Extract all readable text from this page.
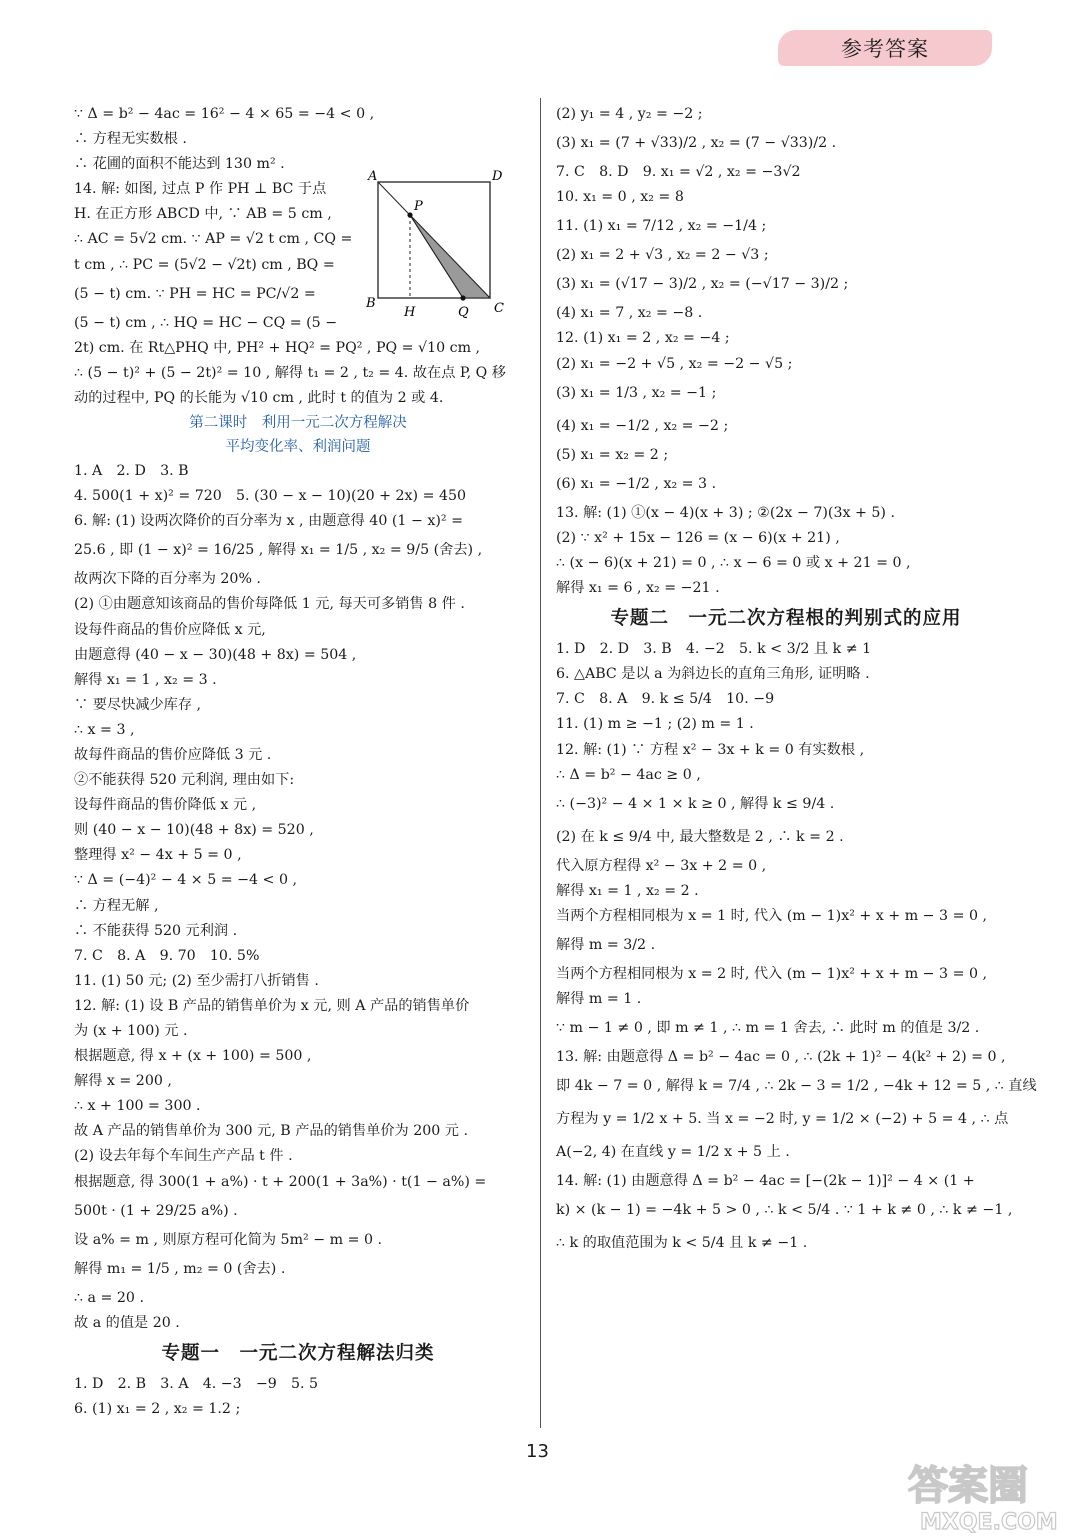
参考答案
∵ Δ = b² − 4ac = 16² − 4 × 65 = −4 < 0 ,
∴ 方程无实数根 .
∴ 花圃的面积不能达到 130 m² .
14. 解: 如图, 过点 P 作 PH ⊥ BC 于点
H. 在正方形 ABCD 中, ∵ AB = 5 cm ,
∴ AC = 5√2 cm. ∵ AP = √2 t cm , CQ =
t cm , ∴ PC = (5√2 − √2t) cm , BQ =
(5 − t) cm. ∵ PH = HC = PC/√2 =
(5 − t) cm , ∴ HQ = HC − CQ = (5 −
2t) cm. 在 Rt△PHQ 中, PH² + HQ² = PQ² , PQ = √10 cm ,
∴ (5 − t)² + (5 − 2t)² = 10 , 解得 t₁ = 2 , t₂ = 4. 故在点 P, Q 移
动的过程中, PQ 的长能为 √10 cm , 此时 t 的值为 2 或 4.
第二课时　利用一元二次方程解决
平均变化率、利润问题
1. A　2. D　3. B
4. 500(1 + x)² = 720　5. (30 − x − 10)(20 + 2x) = 450
6. 解: (1) 设两次降价的百分率为 x , 由题意得 40 (1 − x)² =
25.6 , 即 (1 − x)² = 16/25 , 解得 x₁ = 1/5 , x₂ = 9/5 (舍去) ,
故两次下降的百分率为 20% .
(2) ①由题意知该商品的售价每降低 1 元, 每天可多销售 8 件 .
设每件商品的售价应降低 x 元,
由题意得 (40 − x − 30)(48 + 8x) = 504 ,
解得 x₁ = 1 , x₂ = 3 .
∵ 要尽快减少库存 ,
∴ x = 3 ,
故每件商品的售价应降低 3 元 .
②不能获得 520 元利润, 理由如下:
设每件商品的售价降低 x 元 ,
则 (40 − x − 10)(48 + 8x) = 520 ,
整理得 x² − 4x + 5 = 0 ,
∵ Δ = (−4)² − 4 × 5 = −4 < 0 ,
∴ 方程无解 ,
∴ 不能获得 520 元利润 .
7. C　8. A　9. 70　10. 5%
11. (1) 50 元; (2) 至少需打八折销售 .
12. 解: (1) 设 B 产品的销售单价为 x 元, 则 A 产品的销售单价
为 (x + 100) 元 .
根据题意, 得 x + (x + 100) = 500 ,
解得 x = 200 ,
∴ x + 100 = 300 .
故 A 产品的销售单价为 300 元, B 产品的销售单价为 200 元 .
(2) 设去年每个车间生产产品 t 件 .
根据题意, 得 300(1 + a%) · t + 200(1 + 3a%) · t(1 − a%) =
500t · (1 + 29/25 a%) .
设 a% = m , 则原方程可化简为 5m² − m = 0 .
解得 m₁ = 1/5 , m₂ = 0 (舍去) .
∴ a = 20 .
故 a 的值是 20 .
专题一　一元二次方程解法归类
1. D　2. B　3. A　4. −3　−9　5. 5
6. (1) x₁ = 2 , x₂ = 1.2 ;
A	D
P
B
H	Q C
(2) y₁ = 4 , y₂ = −2 ;
(3) x₁ = (7 + √33)/2 , x₂ = (7 − √33)/2 .
7. C　8. D　9. x₁ = √2 , x₂ = −3√2
10. x₁ = 0 , x₂ = 8
11. (1) x₁ = 7/12 , x₂ = −1/4 ;
(2) x₁ = 2 + √3 , x₂ = 2 − √3 ;
(3) x₁ = (√17 − 3)/2 , x₂ = (−√17 − 3)/2 ;
(4) x₁ = 7 , x₂ = −8 .
12. (1) x₁ = 2 , x₂ = −4 ;
(2) x₁ = −2 + √5 , x₂ = −2 − √5 ;
(3) x₁ = 1/3 , x₂ = −1 ;
(4) x₁ = −1/2 , x₂ = −2 ;
(5) x₁ = x₂ = 2 ;
(6) x₁ = −1/2 , x₂ = 3 .
13. 解: (1) ①(x − 4)(x + 3) ; ②(2x − 7)(3x + 5) .
(2) ∵ x² + 15x − 126 = (x − 6)(x + 21) ,
∴ (x − 6)(x + 21) = 0 , ∴ x − 6 = 0 或 x + 21 = 0 ,
解得 x₁ = 6 , x₂ = −21 .
专题二　一元二次方程根的判别式的应用
1. D　2. D　3. B　4. −2　5. k < 3/2 且 k ≠ 1
6. △ABC 是以 a 为斜边长的直角三角形, 证明略 .
7. C　8. A　9. k ≤ 5/4　10. −9
11. (1) m ≥ −1 ; (2) m = 1 .
12. 解: (1) ∵ 方程 x² − 3x + k = 0 有实数根 ,
∴ Δ = b² − 4ac ≥ 0 ,
∴ (−3)² − 4 × 1 × k ≥ 0 , 解得 k ≤ 9/4 .
(2) 在 k ≤ 9/4 中, 最大整数是 2 , ∴ k = 2 .
代入原方程得 x² − 3x + 2 = 0 ,
解得 x₁ = 1 , x₂ = 2 .
当两个方程相同根为 x = 1 时, 代入 (m − 1)x² + x + m − 3 = 0 ,
解得 m = 3/2 .
当两个方程相同根为 x = 2 时, 代入 (m − 1)x² + x + m − 3 = 0 ,
解得 m = 1 .
∵ m − 1 ≠ 0 , 即 m ≠ 1 , ∴ m = 1 舍去, ∴ 此时 m 的值是 3/2 .
13. 解: 由题意得 Δ = b² − 4ac = 0 , ∴ (2k + 1)² − 4(k² + 2) = 0 ,
即 4k − 7 = 0 , 解得 k = 7/4 , ∴ 2k − 3 = 1/2 , −4k + 12 = 5 , ∴ 直线
方程为 y = 1/2 x + 5. 当 x = −2 时, y = 1/2 × (−2) + 5 = 4 , ∴ 点
A(−2, 4) 在直线 y = 1/2 x + 5 上 .
14. 解: (1) 由题意得 Δ = b² − 4ac = [−(2k − 1)]² − 4 × (1 +
k) × (k − 1) = −4k + 5 > 0 , ∴ k < 5/4 . ∵ 1 + k ≠ 0 , ∴ k ≠ −1 ,
∴ k 的取值范围为 k < 5/4 且 k ≠ −1 .
13
答案圈
MXQE.COM
